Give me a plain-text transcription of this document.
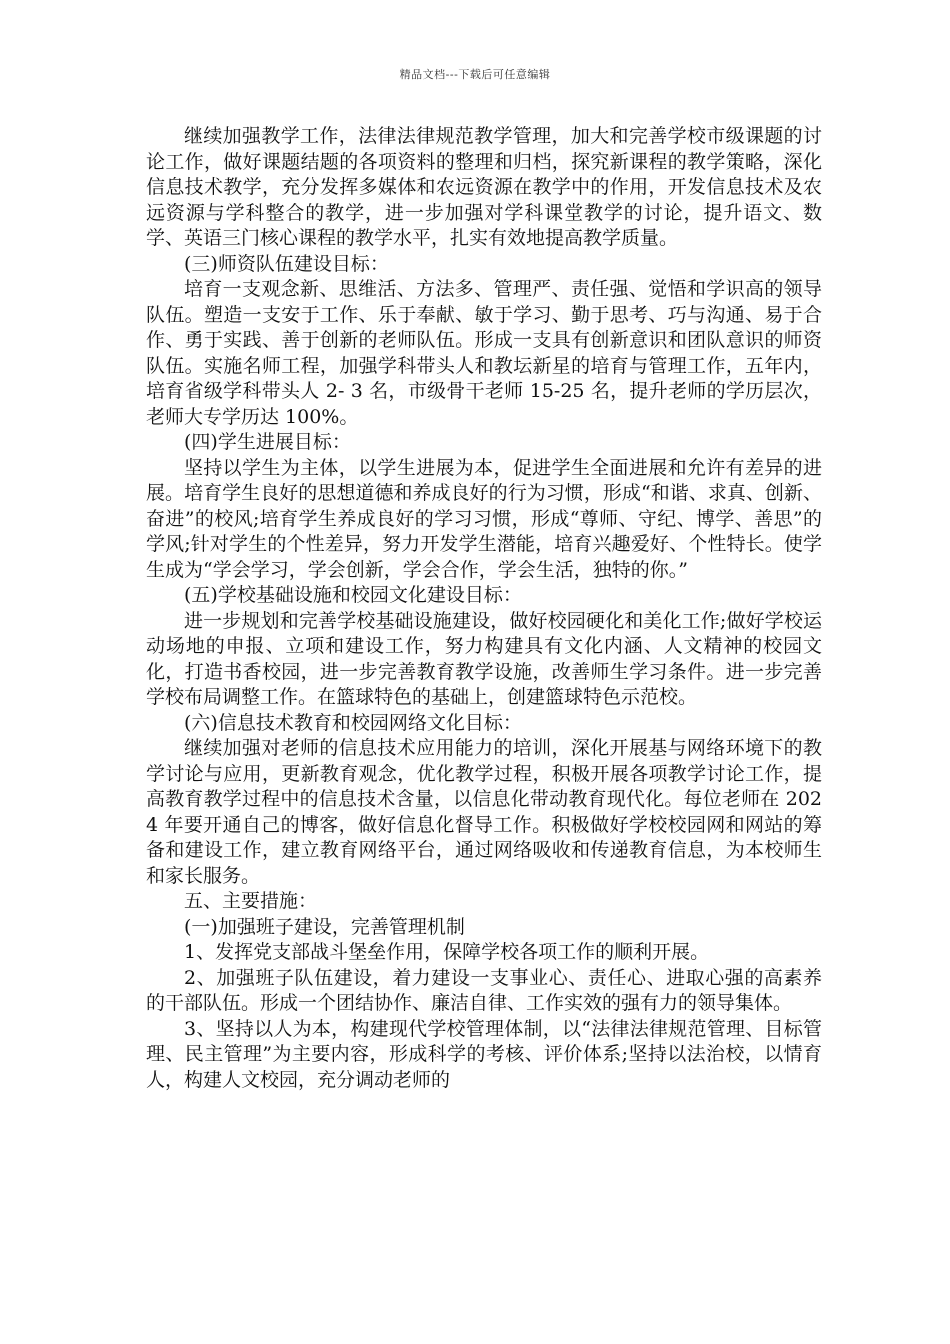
精品文档---下载后可任意编辑

继续加强教学工作，法律法律规范教学管理，加大和完善学校市级课题的讨论工作，做好课题结题的各项资料的整理和归档，探究新课程的教学策略，深化信息技术教学，充分发挥多媒体和农远资源在教学中的作用，开发信息技术及农远资源与学科整合的教学，进一步加强对学科课堂教学的讨论，提升语文、数学、英语三门核心课程的教学水平，扎实有效地提高教学质量。

(三)师资队伍建设目标：

培育一支观念新、思维活、方法多、管理严、责任强、觉悟和学识高的领导队伍。塑造一支安于工作、乐于奉献、敏于学习、勤于思考、巧与沟通、易于合作、勇于实践、善于创新的老师队伍。形成一支具有创新意识和团队意识的师资队伍。实施名师工程，加强学科带头人和教坛新星的培育与管理工作，五年内，培育省级学科带头人 2- 3 名，市级骨干老师 15-25 名，提升老师的学历层次，老师大专学历达 100%。

(四)学生进展目标：

坚持以学生为主体，以学生进展为本，促进学生全面进展和允许有差异的进展。培育学生良好的思想道德和养成良好的行为习惯，形成“和谐、求真、创新、奋进”的校风;培育学生养成良好的学习习惯，形成“尊师、守纪、博学、善思”的学风;针对学生的个性差异，努力开发学生潜能，培育兴趣爱好、个性特长。使学生成为“学会学习，学会创新，学会合作，学会生活，独特的你。”

(五)学校基础设施和校园文化建设目标：

进一步规划和完善学校基础设施建设，做好校园硬化和美化工作;做好学校运动场地的申报、立项和建设工作，努力构建具有文化内涵、人文精神的校园文化，打造书香校园，进一步完善教育教学设施，改善师生学习条件。进一步完善学校布局调整工作。在篮球特色的基础上，创建篮球特色示范校。

(六)信息技术教育和校园网络文化目标：

继续加强对老师的信息技术应用能力的培训，深化开展基与网络环境下的教学讨论与应用，更新教育观念，优化教学过程，积极开展各项教学讨论工作，提高教育教学过程中的信息技术含量，以信息化带动教育现代化。每位老师在 2024 年要开通自己的博客，做好信息化督导工作。积极做好学校校园网和网站的筹备和建设工作，建立教育网络平台，通过网络吸收和传递教育信息，为本校师生和家长服务。

五、主要措施：

(一)加强班子建设，完善管理机制

1、发挥党支部战斗堡垒作用，保障学校各项工作的顺利开展。

2、加强班子队伍建设，着力建设一支事业心、责任心、进取心强的高素养的干部队伍。形成一个团结协作、廉洁自律、工作实效的强有力的领导集体。

3、坚持以人为本，构建现代学校管理体制，以“法律法律规范管理、目标管理、民主管理”为主要内容，形成科学的考核、评价体系;坚持以法治校，以情育人，构建人文校园，充分调动老师的
